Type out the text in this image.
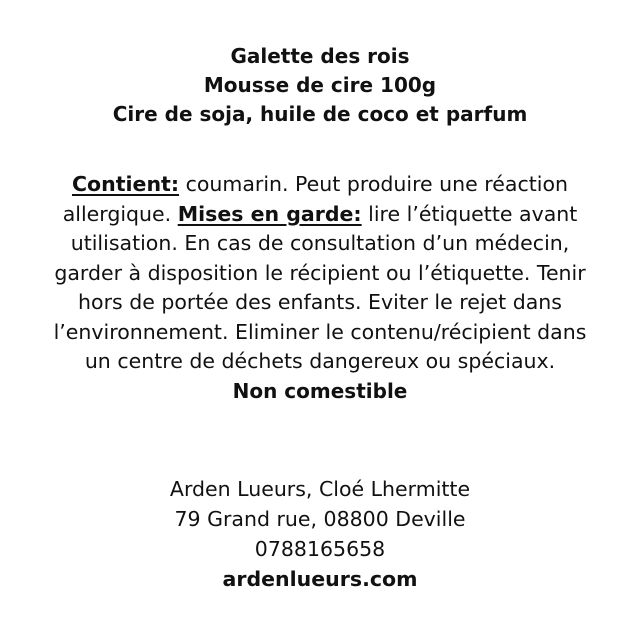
Galette des rois
Mousse de cire 100g
Cire de soja, huile de coco et parfum
Contient: coumarin. Peut produire une réaction
allergique. Mises en garde: lire l’étiquette avant
utilisation. En cas de consultation d’un médecin,
garder à disposition le récipient ou l’étiquette. Tenir
hors de portée des enfants. Eviter le rejet dans
l’environnement. Eliminer le contenu/récipient dans
un centre de déchets dangereux ou spéciaux.
Non comestible
Arden Lueurs, Cloé Lhermitte
79 Grand rue, 08800 Deville
0788165658
ardenlueurs.com
